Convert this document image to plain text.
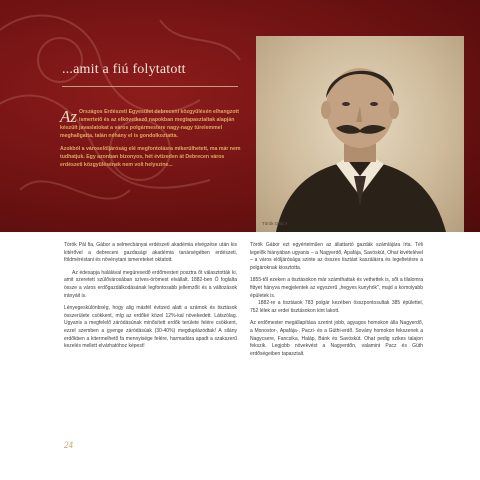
...amit a fiú folytatott

Az Országos Erdészeti Egyesület debreceni közgyűlésén elhangzott ismertető és az elkövetkező napokban megtapasztaltak alapján készült javaslatokat a város polgármestere nagy-nagy türelemmel meghallgatta, talán néhány el is gondolkoztatta.

Azokból a városelöljáróság elé megfontolásra mikerülhetett, ma már nem tudhatjuk. Egy azonban bizonyos, hét évtizeden át Debrecen város erdészeti közgyűlésének nem volt helyszíne...

Török Gábor

Török Pál fia, Gábor a selmecbányai erdészeti akadémia elvégzése után kis kitérővel a debreceni gazdasági akadémia tanárségében erdészeti, földméréstani és növénytani ismereteket oktatott.

Az édesapja halálával megüresedő erdőmesteri posztra őt választották ki, amit szeretett szülővárosában szíves-örömest elvállalt. 1882-ben Ő foglalta össze a város erdőgazdálkodásának legfontosabb jellemzőit és a változások irányáit is.

Lényegeskülönbség, hogy alig másfél évtized alatt a számok és tisztások összerülete csökkent, míg az erdőké közel 12%-kal növekedett. Látszólag. Ugyanis a megfelelő záródásúnak minősített erdők területe felére csökkent, ezzel szemben a gyenge záródásúak (30-40%) megduplázódtak! A silány erdőkben a kitermelhető fa mennyisége felére, harmadára apadt a szakszerű kezelés mellett elvárhatóhoz képest!

Török Gábor ezt egyértelműen az állattartó gazdák számlájára írta. Téli legelők hiányában ugyanis – a Nagyerdő, Apafája, Savóskút, Ohat kivételével – a város elöljárósága szinte az összes tisztást kaszálásra és legeltetésre a polgároknak kiosztotta.

1855-től ezeken a tisztásokon már számthattak és vethettek is, sőt a tilalomra fittyet hányva megjelentek az egyszerű „hegyes kunyhók", majd a komolyabb épületek is.

1882-re a tisztások 783 polgár kezében összpontosultak 385 épülettel, 752 lélek az erdei tisztásokon kint lakott.

Az erdőmester megállapítása szerint jobb, agyagos homokon álla Nagyerdő, a Monostor-, Apafája-, Paczi- és a Güthi-erdő. Sovány homokon fekszenek a Nagycsere, Fancsika, Haláp, Bánk és Savóskút. Ohat pedig szikes talajon fekszik. Legjobb növekvést a Nagyerdőn, valamint Pacz és Güth erdőségeiben tapasztalt.

24
